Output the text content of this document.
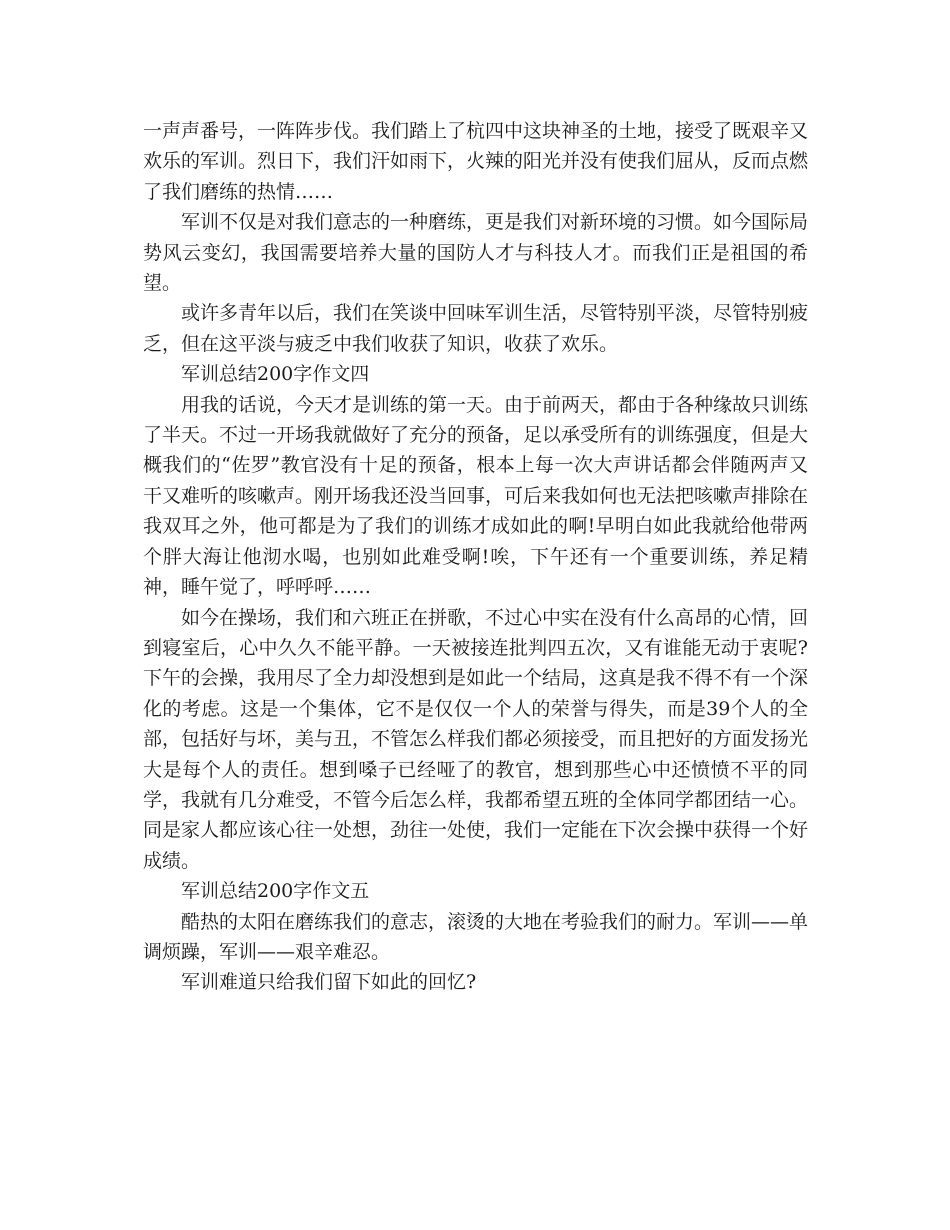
一声声番号，一阵阵步伐。我们踏上了杭四中这块神圣的土地，接受了既艰辛又欢乐的军训。烈日下，我们汗如雨下，火辣的阳光并没有使我们屈从，反而点燃了我们磨练的热情……

军训不仅是对我们意志的一种磨练，更是我们对新环境的习惯。如今国际局势风云变幻，我国需要培养大量的国防人才与科技人才。而我们正是祖国的希望。

或许多青年以后，我们在笑谈中回味军训生活，尽管特别平淡，尽管特别疲乏，但在这平淡与疲乏中我们收获了知识，收获了欢乐。

军训总结200字作文四

用我的话说，今天才是训练的第一天。由于前两天，都由于各种缘故只训练了半天。不过一开场我就做好了充分的预备，足以承受所有的训练强度，但是大概我们的“佐罗”教官没有十足的预备，根本上每一次大声讲话都会伴随两声又干又难听的咳嗽声。刚开场我还没当回事，可后来我如何也无法把咳嗽声排除在我双耳之外，他可都是为了我们的训练才成如此的啊!早明白如此我就给他带两个胖大海让他沏水喝，也别如此难受啊!唉，下午还有一个重要训练，养足精神，睡午觉了，呼呼呼……

如今在操场，我们和六班正在拼歌，不过心中实在没有什么高昂的心情，回到寝室后，心中久久不能平静。一天被接连批判四五次，又有谁能无动于衷呢?下午的会操，我用尽了全力却没想到是如此一个结局，这真是我不得不有一个深化的考虑。这是一个集体，它不是仅仅一个人的荣誉与得失，而是39个人的全部，包括好与坏，美与丑，不管怎么样我们都必须接受，而且把好的方面发扬光大是每个人的责任。想到嗓子已经哑了的教官，想到那些心中还愤愤不平的同学，我就有几分难受，不管今后怎么样，我都希望五班的全体同学都团结一心。同是家人都应该心往一处想，劲往一处使，我们一定能在下次会操中获得一个好成绩。

军训总结200字作文五

酷热的太阳在磨练我们的意志，滚烫的大地在考验我们的耐力。军训——单调烦躁，军训——艰辛难忍。

军训难道只给我们留下如此的回忆?
